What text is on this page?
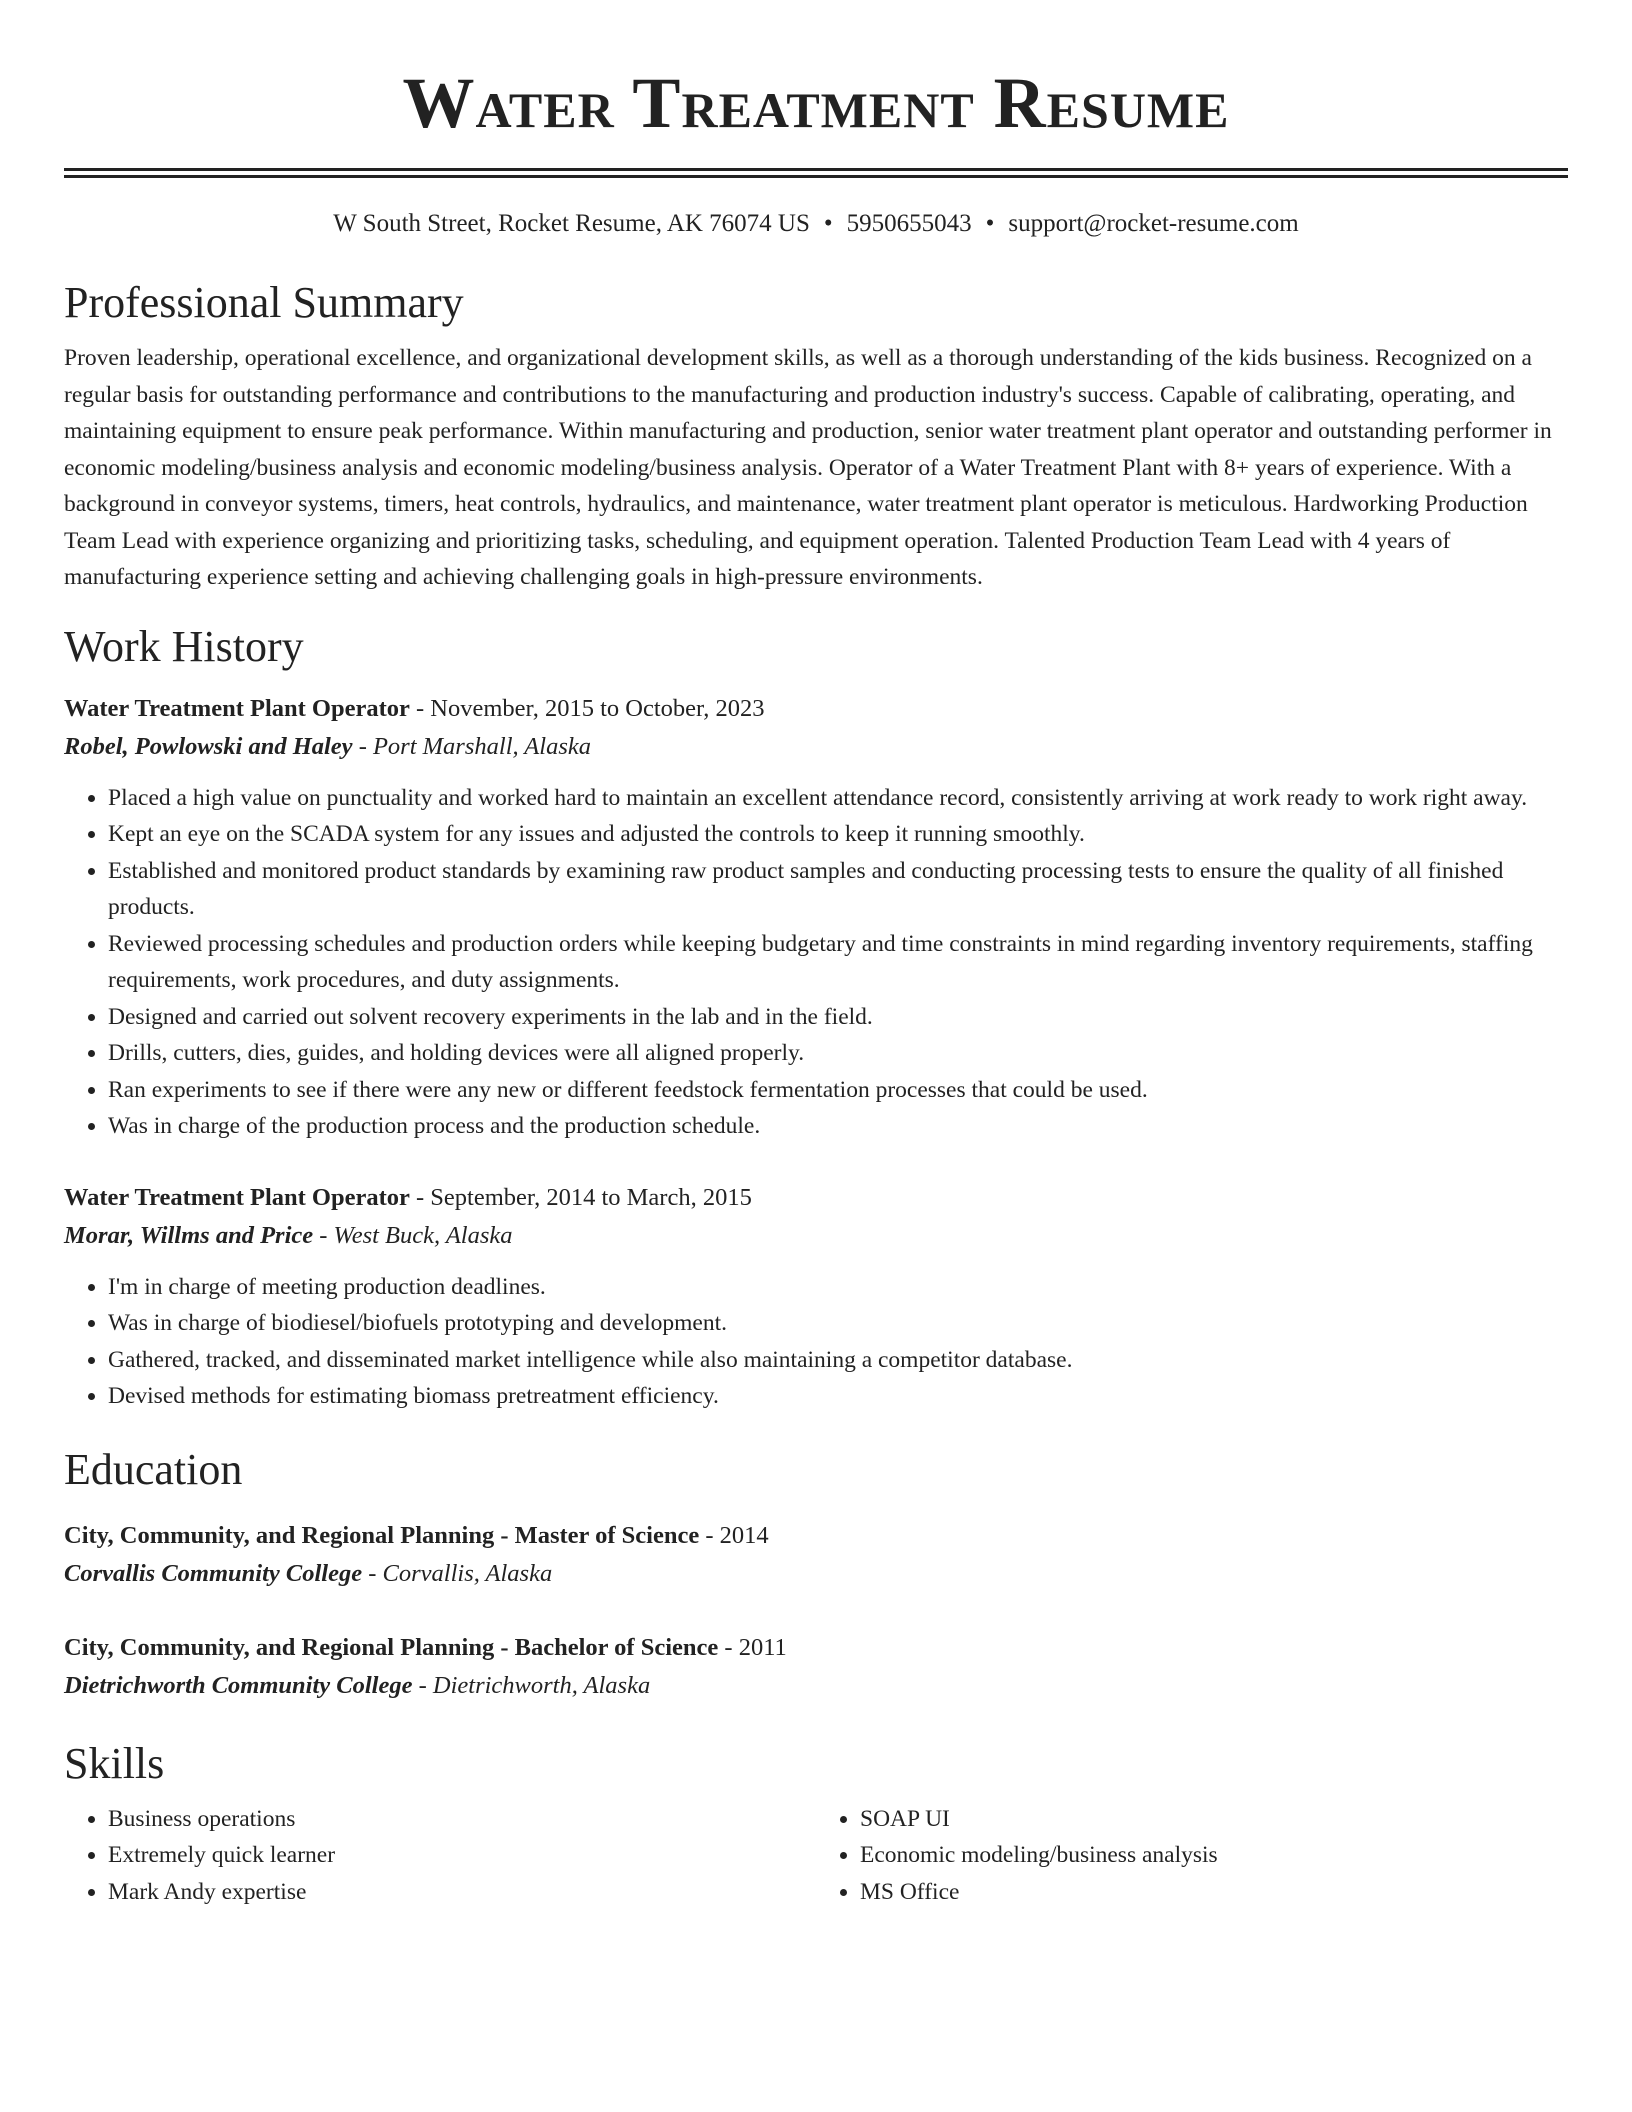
Water Treatment Resume
W South Street, Rocket Resume, AK 76074 US • 5950655043 • support@rocket-resume.com
Professional Summary

Proven leadership, operational excellence, and organizational development skills, as well as a thorough understanding of the kids business. Recognized on a regular basis for outstanding performance and contributions to the manufacturing and production industry's success. Capable of calibrating, operating, and maintaining equipment to ensure peak performance. Within manufacturing and production, senior water treatment plant operator and outstanding performer in economic modeling/business analysis and economic modeling/business analysis. Operator of a Water Treatment Plant with 8+ years of experience. With a background in conveyor systems, timers, heat controls, hydraulics, and maintenance, water treatment plant operator is meticulous. Hardworking Production Team Lead with experience organizing and prioritizing tasks, scheduling, and equipment operation. Talented Production Team Lead with 4 years of manufacturing experience setting and achieving challenging goals in high-pressure environments.

Work History
Water Treatment Plant Operator - November, 2015 to October, 2023
Robel, Powlowski and Haley - Port Marshall, Alaska
• Placed a high value on punctuality and worked hard to maintain an excellent attendance record, consistently arriving at work ready to work right away.
• Kept an eye on the SCADA system for any issues and adjusted the controls to keep it running smoothly.
• Established and monitored product standards by examining raw product samples and conducting processing tests to ensure the quality of all finished products.
• Reviewed processing schedules and production orders while keeping budgetary and time constraints in mind regarding inventory requirements, staffing requirements, work procedures, and duty assignments.
• Designed and carried out solvent recovery experiments in the lab and in the field.
• Drills, cutters, dies, guides, and holding devices were all aligned properly.
• Ran experiments to see if there were any new or different feedstock fermentation processes that could be used.
• Was in charge of the production process and the production schedule.
Water Treatment Plant Operator - September, 2014 to March, 2015
Morar, Willms and Price - West Buck, Alaska
• I'm in charge of meeting production deadlines.
• Was in charge of biodiesel/biofuels prototyping and development.
• Gathered, tracked, and disseminated market intelligence while also maintaining a competitor database.
• Devised methods for estimating biomass pretreatment efficiency.
Education
City, Community, and Regional Planning - Master of Science - 2014
Corvallis Community College - Corvallis, Alaska
City, Community, and Regional Planning - Bachelor of Science - 2011
Dietrichworth Community College - Dietrichworth, Alaska
Skills
• Business operations
• Extremely quick learner
• Mark Andy expertise
• SOAP UI
• Economic modeling/business analysis
• MS Office
